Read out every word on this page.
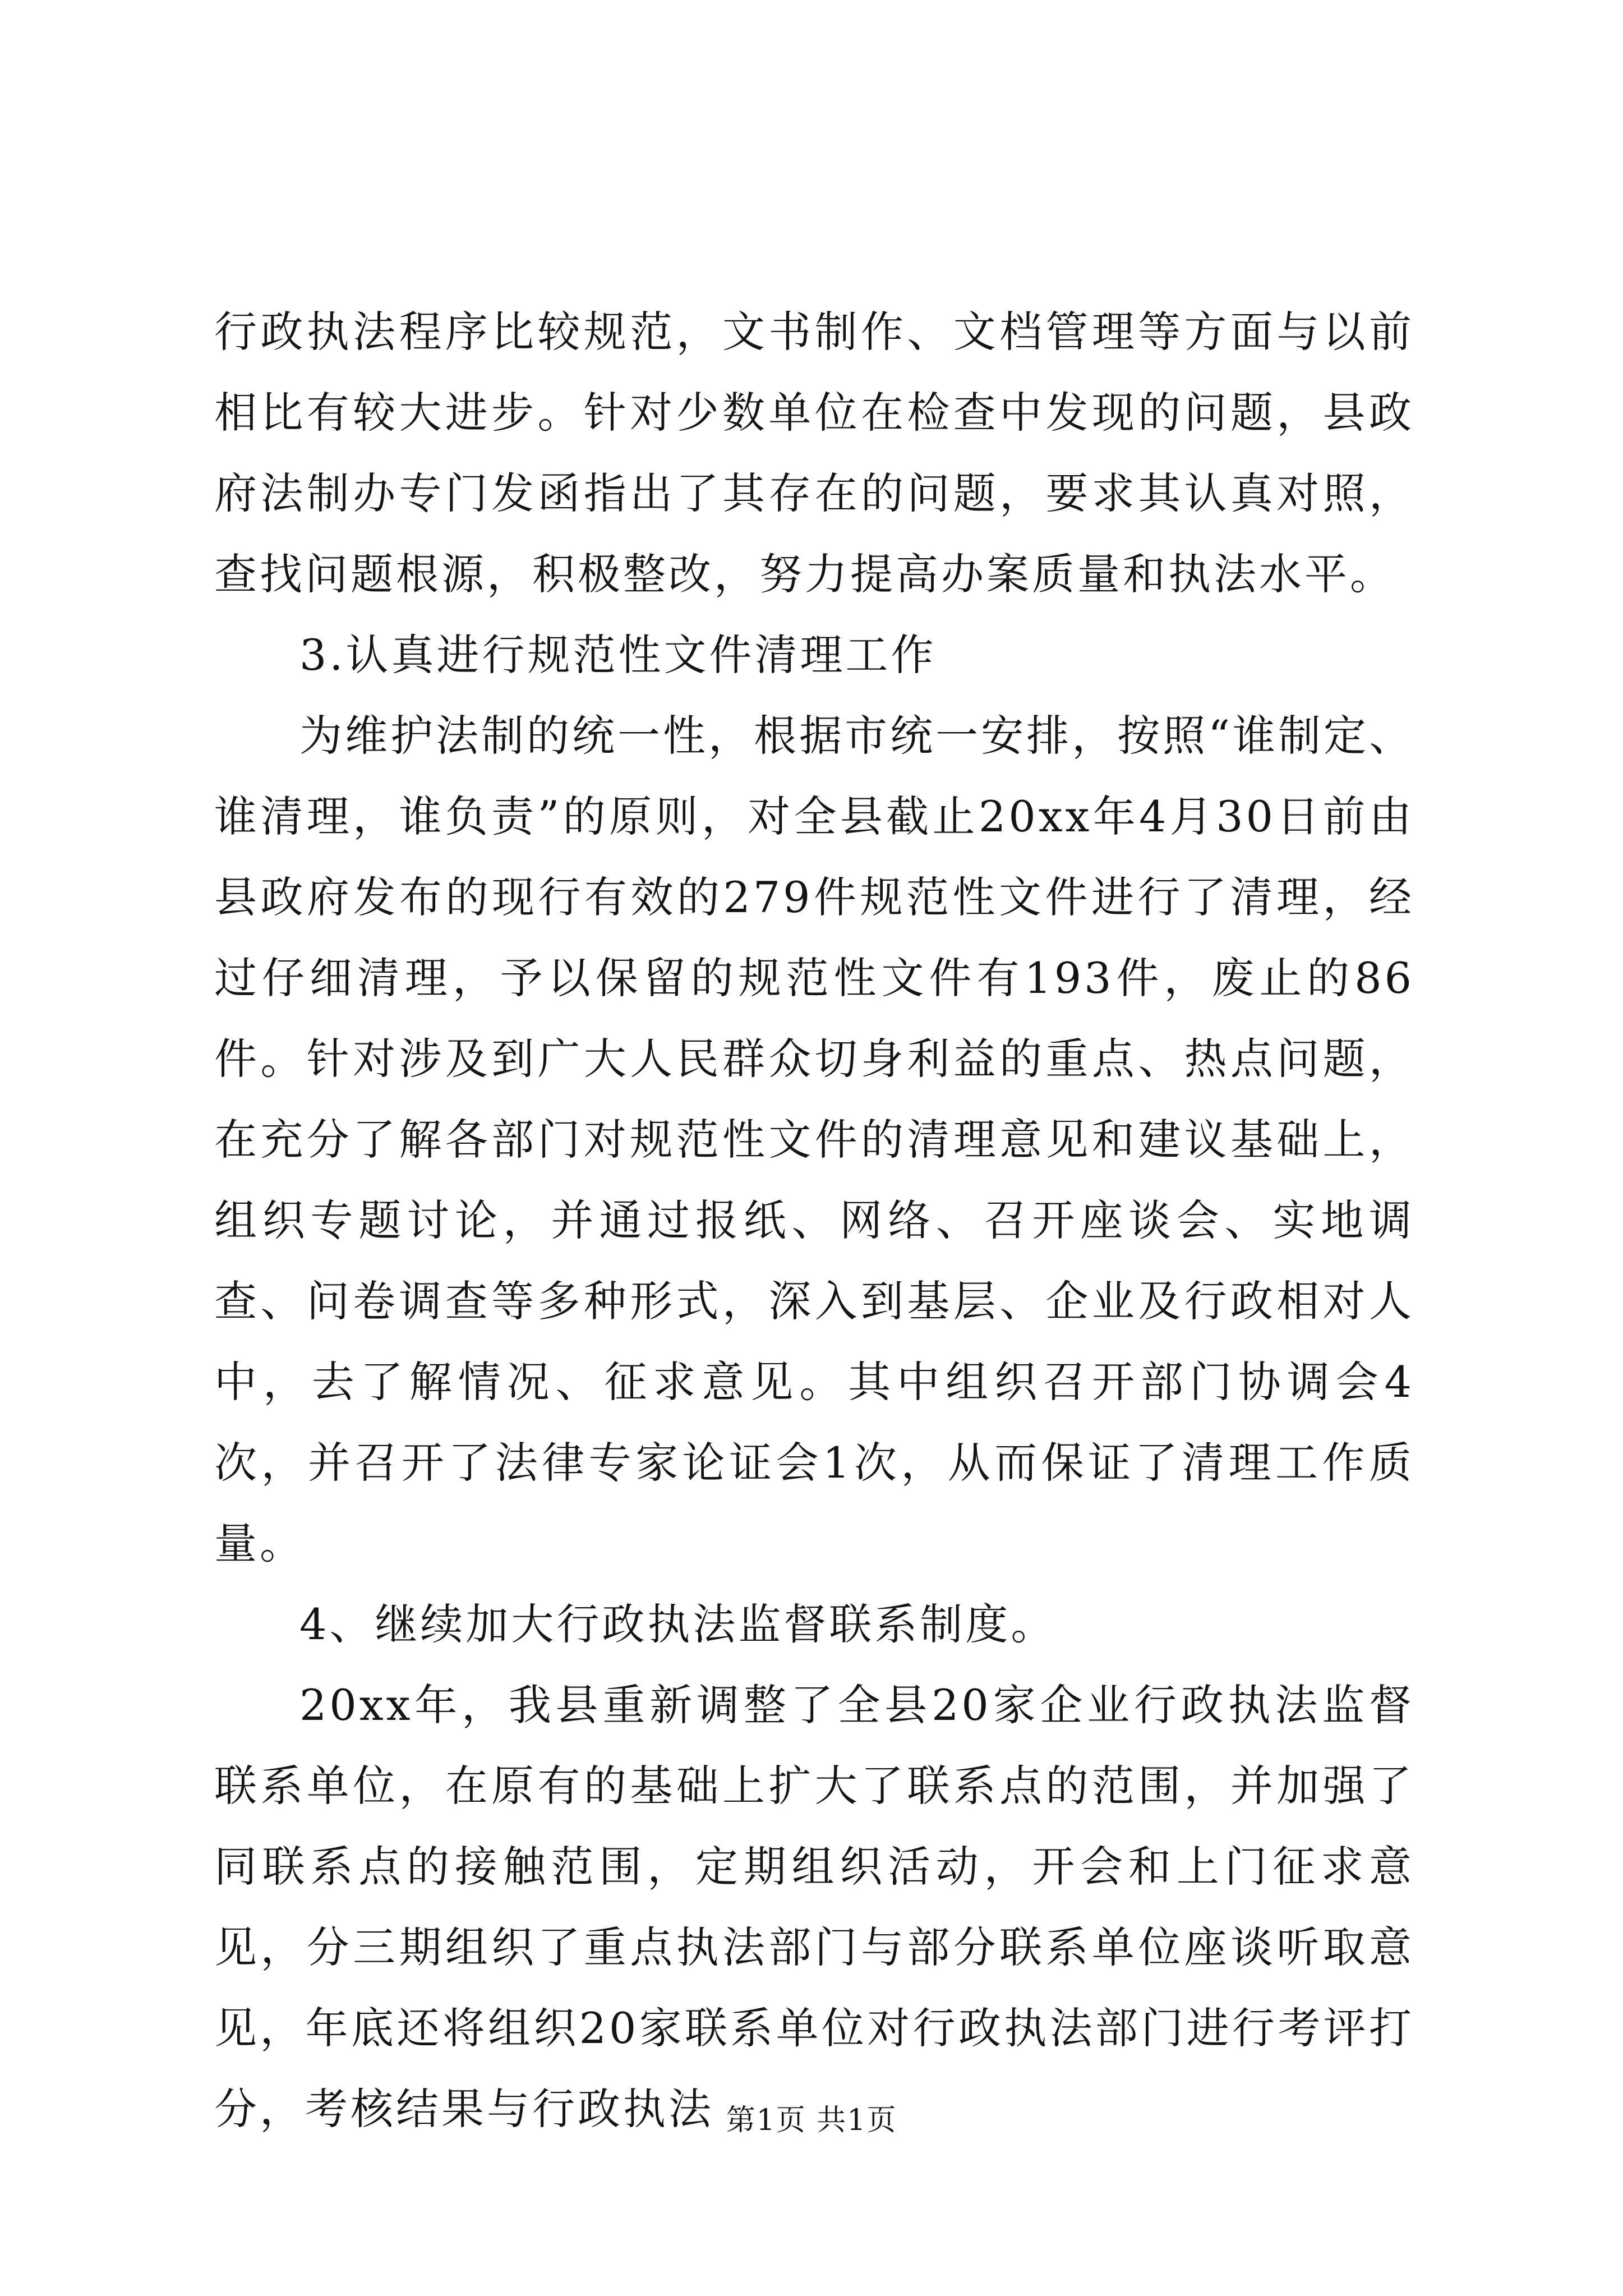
行政执法程序比较规范，文书制作、文档管理等方面与以前相比有较大进步。针对少数单位在检查中发现的问题，县政府法制办专门发函指出了其存在的问题，要求其认真对照，查找问题根源，积极整改，努力提高办案质量和执法水平。

3.认真进行规范性文件清理工作

为维护法制的统一性，根据市统一安排，按照“谁制定、谁清理，谁负责”的原则，对全县截止20xx年4月30日前由县政府发布的现行有效的279件规范性文件进行了清理，经过仔细清理，予以保留的规范性文件有193件，废止的86件。针对涉及到广大人民群众切身利益的重点、热点问题，在充分了解各部门对规范性文件的清理意见和建议基础上，组织专题讨论，并通过报纸、网络、召开座谈会、实地调查、问卷调查等多种形式，深入到基层、企业及行政相对人中，去了解情况、征求意见。其中组织召开部门协调会4次，并召开了法律专家论证会1次，从而保证了清理工作质量。

4、继续加大行政执法监督联系制度。

20xx年，我县重新调整了全县20家企业行政执法监督联系单位，在原有的基础上扩大了联系点的范围，并加强了同联系点的接触范围，定期组织活动，开会和上门征求意见，分三期组织了重点执法部门与部分联系单位座谈听取意见，年底还将组织20家联系单位对行政执法部门进行考评打分，考核结果与行政执法 第1页 共1页
